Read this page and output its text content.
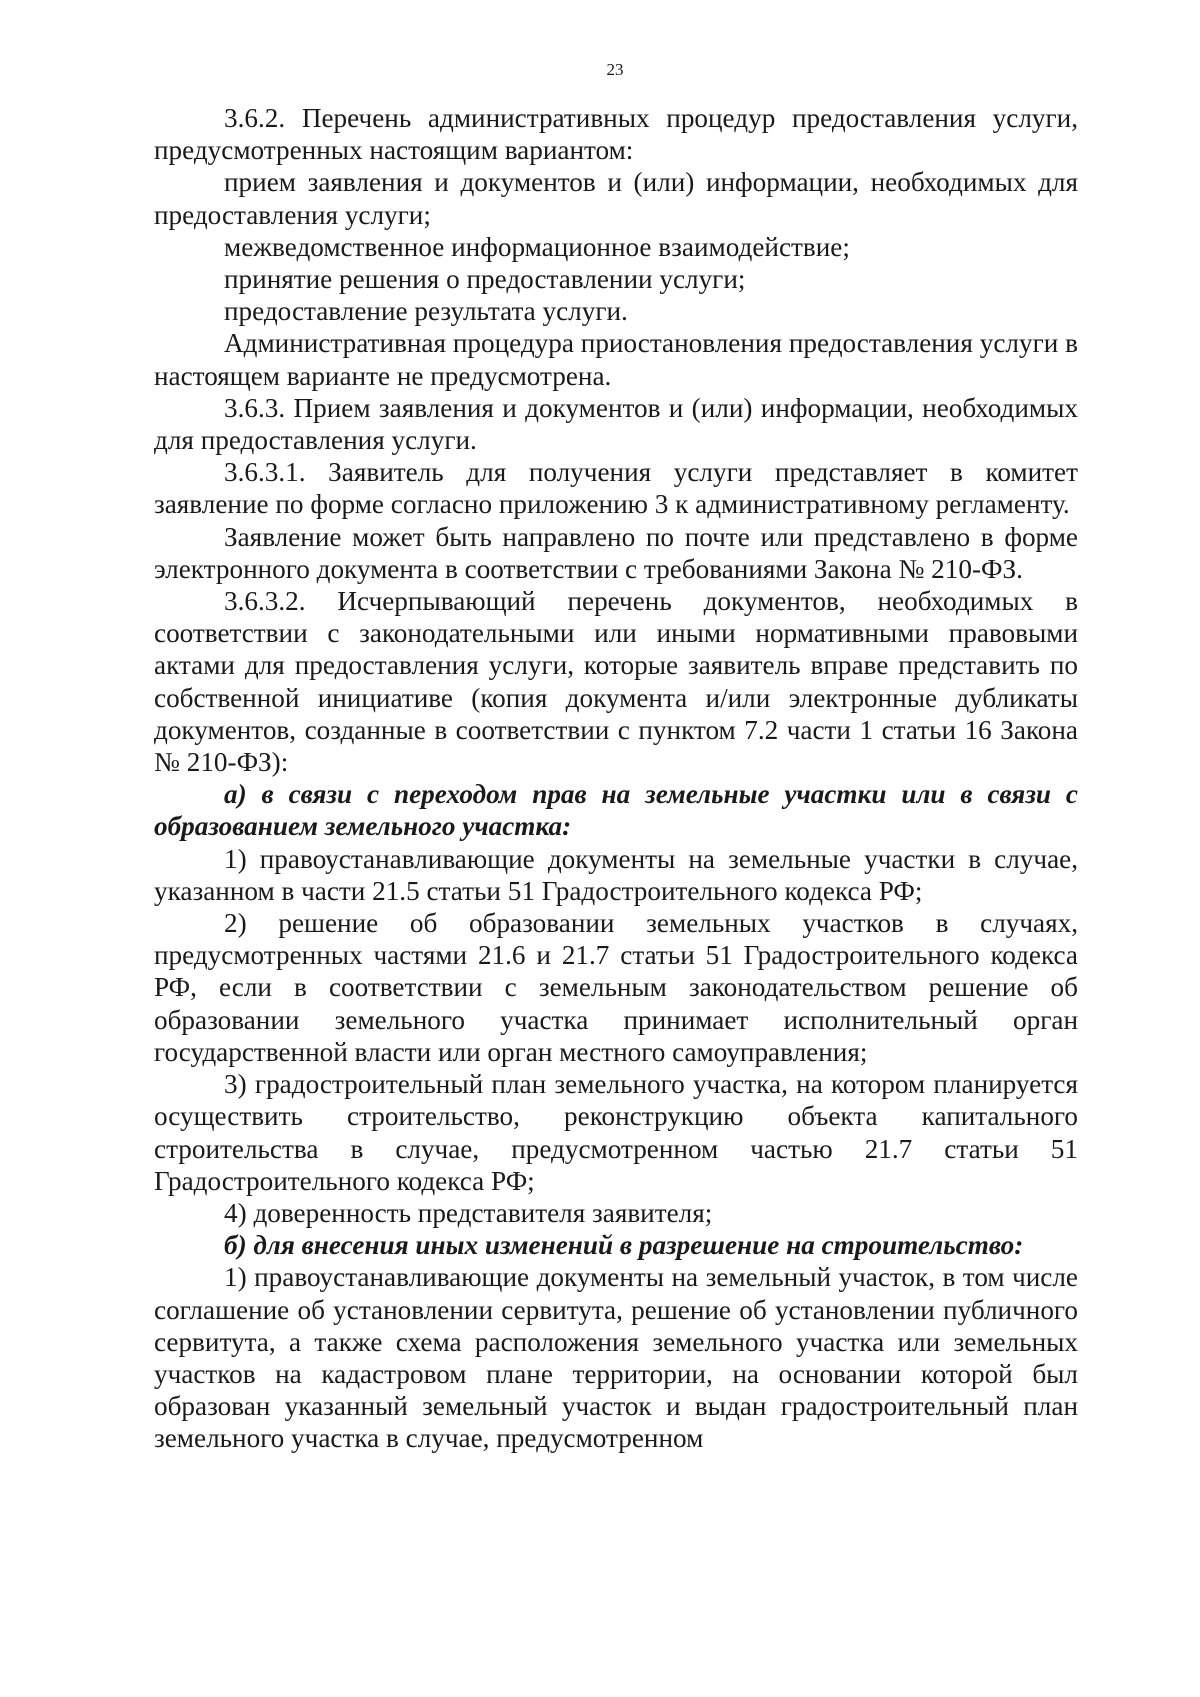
23

3.6.2. Перечень административных процедур предоставления услуги, предусмотренных настоящим вариантом:

прием заявления и документов и (или) информации, необходимых для предоставления услуги;

межведомственное информационное взаимодействие;

принятие решения о предоставлении услуги;

предоставление результата услуги.

Административная процедура приостановления предоставления услуги в настоящем варианте не предусмотрена.

3.6.3. Прием заявления и документов и (или) информации, необходимых для предоставления услуги.

3.6.3.1. Заявитель для получения услуги представляет в комитет заявление по форме согласно приложению 3 к административному регламенту.

Заявление может быть направлено по почте или представлено в форме электронного документа в соответствии с требованиями Закона № 210-ФЗ.

3.6.3.2. Исчерпывающий перечень документов, необходимых в соответствии с законодательными или иными нормативными правовыми актами для предоставления услуги, которые заявитель вправе представить по собственной инициативе (копия документа и/или электронные дубликаты документов, созданные в соответствии с пунктом 7.2 части 1 статьи 16 Закона № 210-ФЗ):

а) в связи с переходом прав на земельные участки или в связи с образованием земельного участка:

1) правоустанавливающие документы на земельные участки в случае, указанном в части 21.5 статьи 51 Градостроительного кодекса РФ;

2) решение об образовании земельных участков в случаях, предусмотренных частями 21.6 и 21.7 статьи 51 Градостроительного кодекса РФ, если в соответствии с земельным законодательством решение об образовании земельного участка принимает исполнительный орган государственной власти или орган местного самоуправления;

3) градостроительный план земельного участка, на котором планируется осуществить строительство, реконструкцию объекта капитального строительства в случае, предусмотренном частью 21.7 статьи 51 Градостроительного кодекса РФ;

4) доверенность представителя заявителя;

б) для внесения иных изменений в разрешение на строительство:

1) правоустанавливающие документы на земельный участок, в том числе соглашение об установлении сервитута, решение об установлении публичного сервитута, а также схема расположения земельного участка или земельных участков на кадастровом плане территории, на основании которой был образован указанный земельный участок и выдан градостроительный план земельного участка в случае, предусмотренном
